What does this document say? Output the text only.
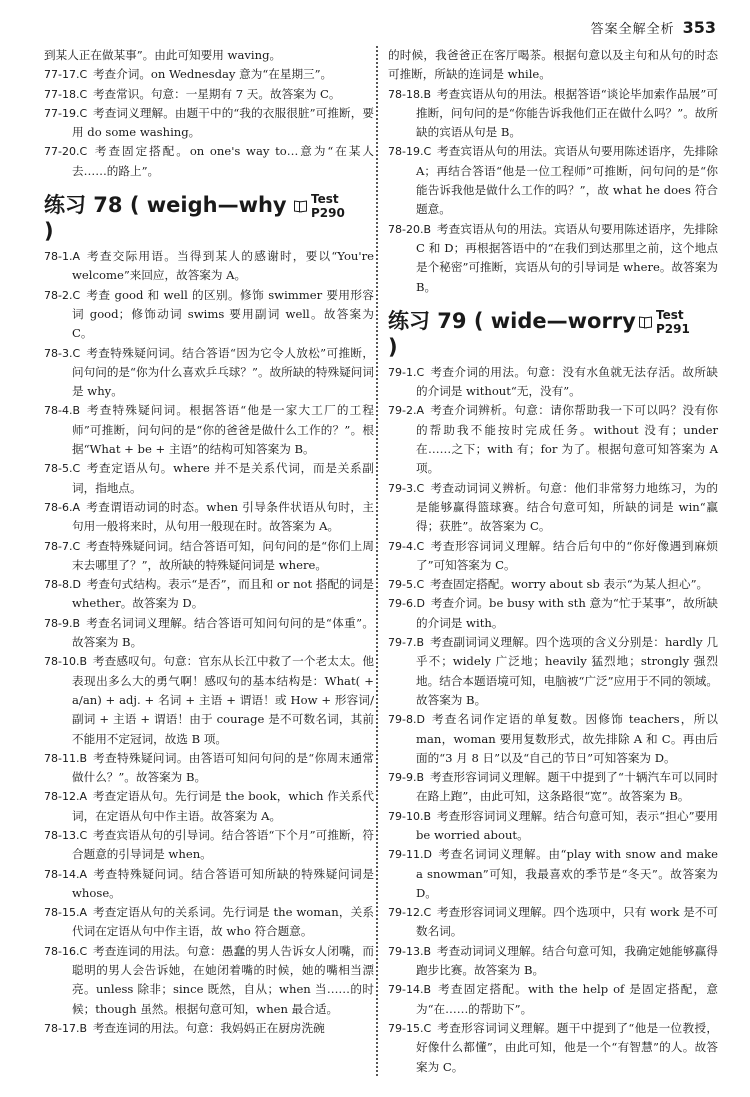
答案全解全析 353

到某人正在做某事”。由此可知要用 waving。

77-17.C  考查介词。on Wednesday 意为“在星期三”。

77-18.C  考查常识。句意：一星期有 7 天。故答案为 C。

77-19.C  考查词义理解。由题干中的“我的衣服很脏”可推断，要用 do some washing。

77-20.C  考查固定搭配。on one's way to…意为“在某人去……的路上”。

练习 78 ( weigh—why )
Test P290

78-1.A  考查交际用语。当得到某人的感谢时，要以“You're welcome”来回应，故答案为 A。

78-2.C  考查 good 和 well 的区别。修饰 swimmer 要用形容词 good；修饰动词 swims 要用副词 well。故答案为 C。

78-3.C  考查特殊疑问词。结合答语“因为它令人放松”可推断，问句问的是“你为什么喜欢乒乓球？”。故所缺的特殊疑问词是 why。

78-4.B  考查特殊疑问词。根据答语“他是一家大工厂的工程师”可推断，问句问的是“你的爸爸是做什么工作的？”。根据“What + be + 主语”的结构可知答案为 B。

78-5.C  考查定语从句。where 并不是关系代词，而是关系副词，指地点。

78-6.A  考查谓语动词的时态。when 引导条件状语从句时，主句用一般将来时，从句用一般现在时。故答案为 A。

78-7.C  考查特殊疑问词。结合答语可知，问句问的是“你们上周末去哪里了？”，故所缺的特殊疑问词是 where。

78-8.D  考查句式结构。表示“是否”，而且和 or not 搭配的词是 whether。故答案为 D。

78-9.B  考查名词词义理解。结合答语可知问句问的是“体重”。故答案为 B。

78-10.B  考查感叹句。句意：官东从长江中救了一个老太太。他表现出多么大的勇气啊！感叹句的基本结构是：What( + a/an) + adj. + 名词 + 主语 + 谓语！或 How + 形容词/副词 + 主语 + 谓语！由于 courage 是不可数名词，其前不能用不定冠词，故选 B 项。

78-11.B  考查特殊疑问词。由答语可知问句问的是“你周末通常做什么？”。故答案为 B。

78-12.A  考查定语从句。先行词是 the book，which 作关系代词，在定语从句中作主语。故答案为 A。

78-13.C  考查宾语从句的引导词。结合答语“下个月”可推断，符合题意的引导词是 when。

78-14.A  考查特殊疑问词。结合答语可知所缺的特殊疑问词是 whose。

78-15.A  考查定语从句的关系词。先行词是 the woman，关系代词在定语从句中作主语，故 who 符合题意。

78-16.C  考查连词的用法。句意：愚蠢的男人告诉女人闭嘴，而聪明的男人会告诉她，在她闭着嘴的时候，她的嘴相当漂亮。unless 除非；since 既然，自从；when 当……的时候；though 虽然。根据句意可知，when 最合适。

78-17.B  考查连词的用法。句意：我妈妈正在厨房洗碗

的时候，我爸爸正在客厅喝茶。根据句意以及主句和从句的时态可推断，所缺的连词是 while。

78-18.B  考查宾语从句的用法。根据答语“谈论毕加索作品展”可推断，问句问的是“你能告诉我他们正在做什么吗？”。故所缺的宾语从句是 B。

78-19.C  考查宾语从句的用法。宾语从句要用陈述语序，先排除 A；再结合答语“他是一位工程师”可推断，问句问的是“你能告诉我他是做什么工作的吗？”，故 what he does 符合题意。

78-20.B  考查宾语从句的用法。宾语从句要用陈述语序，先排除 C 和 D；再根据答语中的“在我们到达那里之前，这个地点是个秘密”可推断，宾语从句的引导词是 where。故答案为 B。

练习 79 ( wide—worry )
Test P291

79-1.C  考查介词的用法。句意：没有水鱼就无法存活。故所缺的介词是 without“无，没有”。

79-2.A  考查介词辨析。句意：请你帮助我一下可以吗？没有你的帮助我不能按时完成任务。without 没有；under 在……之下；with 有；for 为了。根据句意可知答案为 A 项。

79-3.C  考查动词词义辨析。句意：他们非常努力地练习，为的是能够赢得篮球赛。结合句意可知，所缺的词是 win“赢得；获胜”。故答案为 C。

79-4.C  考查形容词词义理解。结合后句中的“你好像遇到麻烦了”可知答案为 C。

79-5.C  考查固定搭配。worry about sb 表示“为某人担心”。

79-6.D  考查介词。be busy with sth 意为“忙于某事”，故所缺的介词是 with。

79-7.B  考查副词词义理解。四个选项的含义分别是：hardly 几乎不；widely 广泛地；heavily 猛烈地；strongly 强烈地。结合本题语境可知，电脑被“广泛”应用于不同的领域。故答案为 B。

79-8.D  考查名词作定语的单复数。因修饰 teachers，所以 man，woman 要用复数形式，故先排除 A 和 C。再由后面的“3 月 8 日”以及“自己的节日”可知答案为 D。

79-9.B  考查形容词词义理解。题干中提到了“十辆汽车可以同时在路上跑”，由此可知，这条路很“宽”。故答案为 B。

79-10.B  考查形容词词义理解。结合句意可知，表示“担心”要用 be worried about。

79-11.D  考查名词词义理解。由“play with snow and make a snowman”可知，我最喜欢的季节是“冬天”。故答案为 D。

79-12.C  考查形容词词义理解。四个选项中，只有 work 是不可数名词。

79-13.B  考查动词词义理解。结合句意可知，我确定她能够赢得跑步比赛。故答案为 B。

79-14.B  考查固定搭配。with the help of 是固定搭配，意为“在……的帮助下”。

79-15.C  考查形容词词义理解。题干中提到了“他是一位教授，好像什么都懂”，由此可知，他是一个“有智慧”的人。故答案为 C。
